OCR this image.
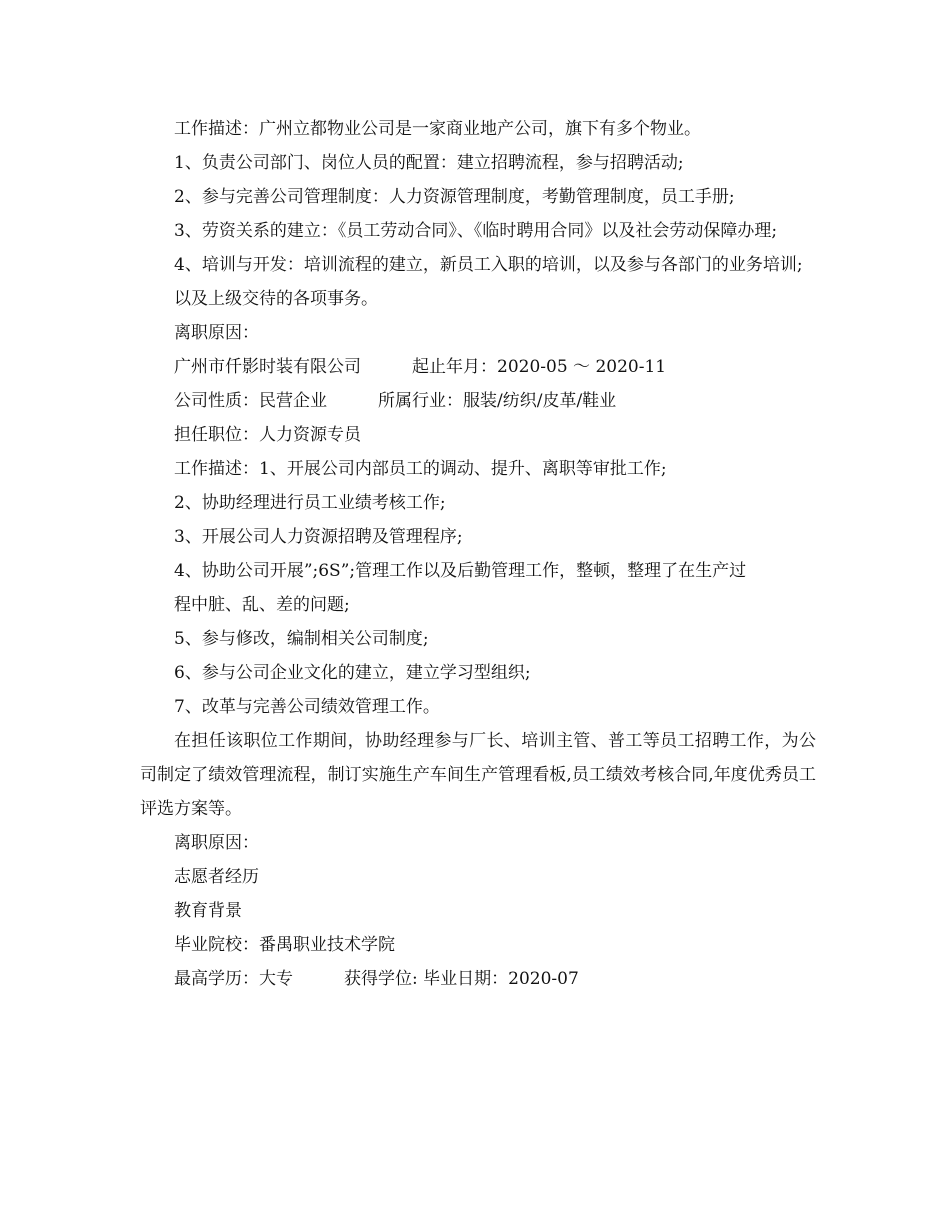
工作描述：广州立都物业公司是一家商业地产公司，旗下有多个物业。

1、负责公司部门、岗位人员的配置：建立招聘流程，参与招聘活动;

2、参与完善公司管理制度：人力资源管理制度，考勤管理制度，员工手册;

3、劳资关系的建立：《员工劳动合同》、《临时聘用合同》以及社会劳动保障办理;

4、培训与开发：培训流程的建立，新员工入职的培训，以及参与各部门的业务培训;

以及上级交待的各项事务。

离职原因：

广州市仟影时装有限公司　　　起止年月：2020-05 ～ 2020-11

公司性质：民营企业　　　所属行业：服装/纺织/皮革/鞋业

担任职位：人力资源专员

工作描述：1、开展公司内部员工的调动、提升、离职等审批工作;

2、协助经理进行员工业绩考核工作;

3、开展公司人力资源招聘及管理程序;

4、协助公司开展”;6S”;管理工作以及后勤管理工作，整顿，整理了在生产过

程中脏、乱、差的问题;

5、参与修改，编制相关公司制度;

6、参与公司企业文化的建立，建立学习型组织;

7、改革与完善公司绩效管理工作。

在担任该职位工作期间，协助经理参与厂长、培训主管、普工等员工招聘工作，为公司制定了绩效管理流程，制订实施生产车间生产管理看板,员工绩效考核合同,年度优秀员工评选方案等。

离职原因：

志愿者经历

教育背景

毕业院校：番禺职业技术学院

最高学历：大专　　　获得学位: 毕业日期：2020-07
